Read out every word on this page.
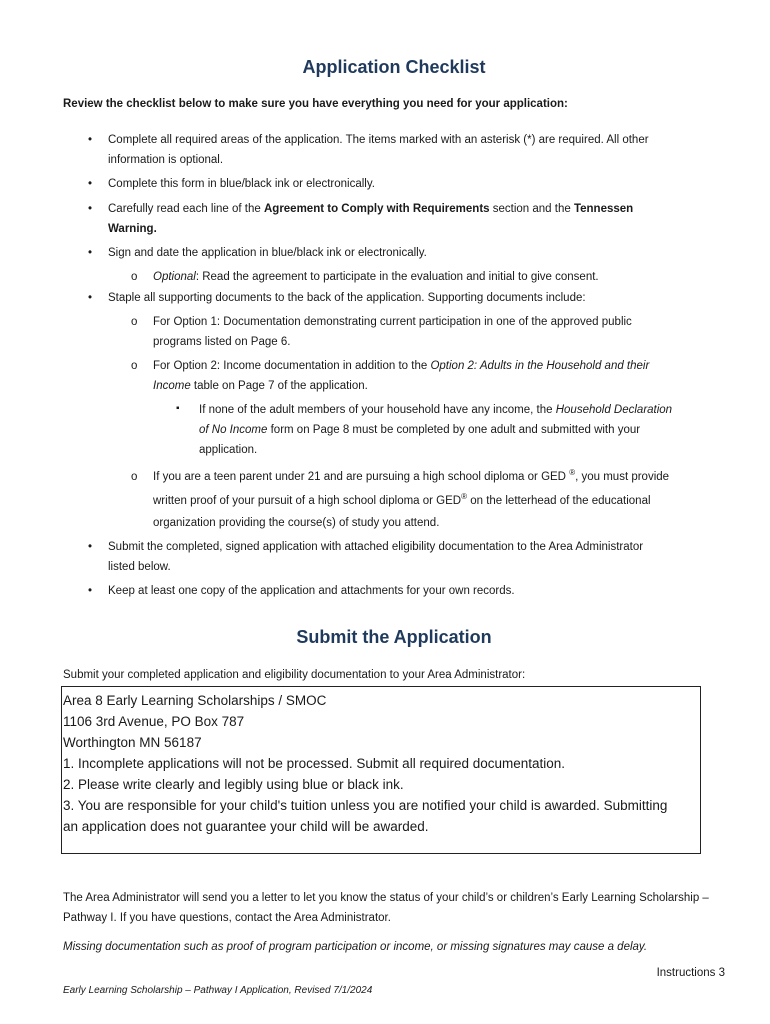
Application Checklist

Review the checklist below to make sure you have everything you need for your application:

• Complete all required areas of the application. The items marked with an asterisk (*) are required. All other

information is optional.

• Complete this form in blue/black ink or electronically.

• Carefully read each line of the Agreement to Comply with Requirements section and the Tennessen

Warning.

• Sign and date the application in blue/black ink or electronically.

o Optional: Read the agreement to participate in the evaluation and initial to give consent.

• Staple all supporting documents to the back of the application. Supporting documents include:

o For Option 1: Documentation demonstrating current participation in one of the approved public

programs listed on Page 6.

o For Option 2: Income documentation in addition to the Option 2: Adults in the Household and their

Income table on Page 7 of the application.

▪ If none of the adult members of your household have any income, the Household Declaration

of No Income form on Page 8 must be completed by one adult and submitted with your

application.

o If you are a teen parent under 21 and are pursuing a high school diploma or GED ®, you must provide

written proof of your pursuit of a high school diploma or GED® on the letterhead of the educational

organization providing the course(s) of study you attend.

• Submit the completed, signed application with attached eligibility documentation to the Area Administrator

listed below.

• Keep at least one copy of the application and attachments for your own records.

Submit the Application

Submit your completed application and eligibility documentation to your Area Administrator:

Area 8 Early Learning Scholarships / SMOC

1106 3rd Avenue, PO Box 787

Worthington MN 56187

1. Incomplete applications will not be processed. Submit all required documentation.

2. Please write clearly and legibly using blue or black ink.

3. You are responsible for your child's tuition unless you are notified your child is awarded. Submitting

an application does not guarantee your child will be awarded.

The Area Administrator will send you a letter to let you know the status of your child’s or children’s Early Learning Scholarship – Pathway I. If you have questions, contact the Area Administrator.

Missing documentation such as proof of program participation or income, or missing signatures may cause a delay.

Instructions 3

Early Learning Scholarship – Pathway I Application, Revised 7/1/2024
